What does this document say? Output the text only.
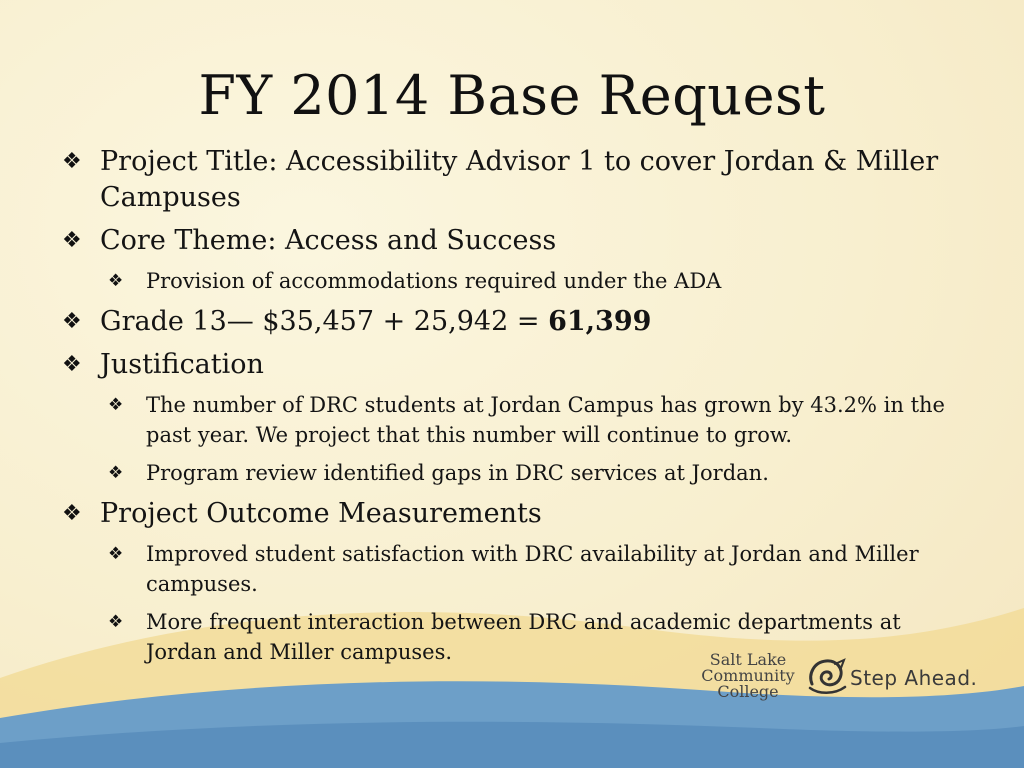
FY 2014 Base Request
❖ Project Title: Accessibility Advisor 1 to cover Jordan & Miller Campuses
❖ Core Theme: Access and Success
❖ Provision of accommodations required under the ADA
❖ Grade 13— $35,457 + 25,942 = 61,399
❖ Justification
❖ The number of DRC students at Jordan Campus has grown by 43.2% in the past year. We project that this number will continue to grow.
❖ Program review identified gaps in DRC services at Jordan.
❖ Project Outcome Measurements
❖ Improved student satisfaction with DRC availability at Jordan and Miller campuses.
❖ More frequent interaction between DRC and academic departments at Jordan and Miller campuses.	Salt Lake
Community
College
Step Ahead.
